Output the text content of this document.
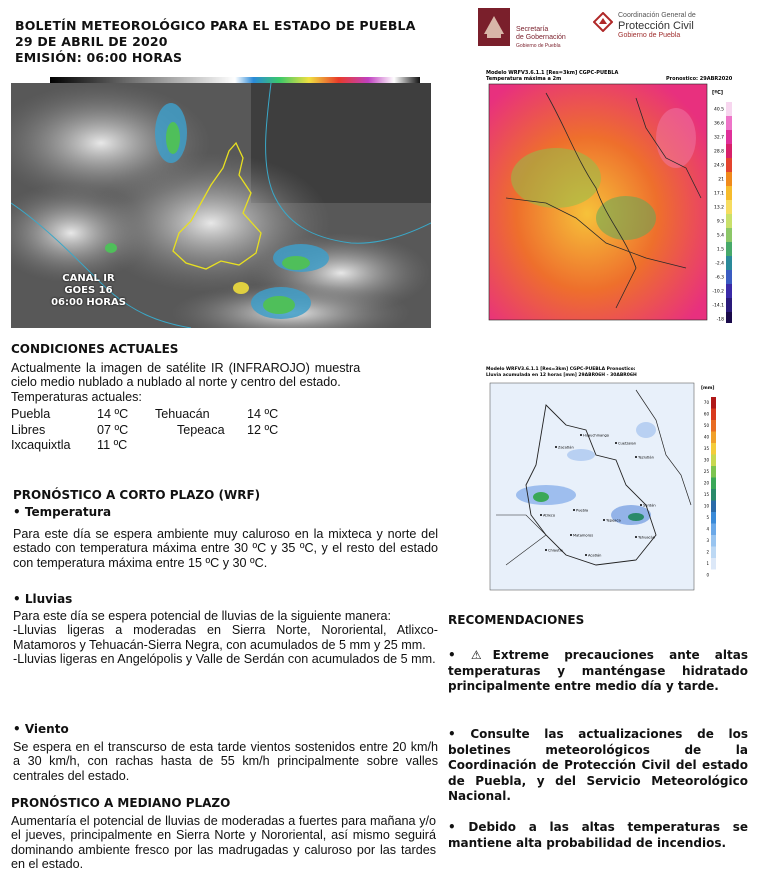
BOLETÍN METEOROLÓGICO PARA EL ESTADO DE PUEBLA
29 DE ABRIL DE 2020
EMISIÓN: 06:00 HORAS
Secretaría
de Gobernación
Gobierno de Puebla
Coordinación General de
Protección Civil
Gobierno de Puebla
CANAL IR
GOES 16
06:00 HORAS
Modelo WRFV3.6.1.1 [Res=3km] CGPC-PUEBLA
Temperatura máxima a 2m	Pronostico: 29ABR2020
[ºC]
40.5
36.6
32.7
28.8
24.9
21
17.1
13.2
9.3
5.4
1.5
-2.4
-6.3
-10.2
-14.1
-18
Modelo WRFV3.6.1.1 [Res=3km] CGPC-PUEBLA Pronostico:
Lluvia acumulada en 12 horas [mm] 29ABR06H - 30ABR06H
Huauchinango
Zacatlán
Cuetzalan
Teziutlán
Atlixco
Puebla
Tepeaca
Serdán
Tehuacán
Matamoros
Chiautla
Acatlán
[mm]
70
60
50
40
35
30
25
20
15
10
5
4
3
2
1
0
CONDICIONES ACTUALES
Actualmente la imagen de satélite IR (INFRAROJO) muestra
cielo medio nublado a nublado al norte y centro del estado.
Temperaturas actuales:
Puebla	14 ºC	Tehuacán	14 ºC
Libres	07 ºC	Tepeaca	12 ºC
Ixcaquixtla	11 ºC
PRONÓSTICO A CORTO PLAZO (WRF)
• Temperatura
Para este día se espera ambiente muy caluroso en la mixteca y norte del estado con temperatura máxima entre 30 ºC y 35 ºC, y el resto del estado con temperatura máxima entre 15 ºC y 30 ºC.
• Lluvias
Para este día se espera potencial de lluvias de la siguiente manera:
-Lluvias ligeras a moderadas en Sierra Norte, Nororiental, Atlixco-Matamoros y Tehuacán-Sierra Negra, con acumulados de 5 mm y 25 mm.
-Lluvias ligeras en Angelópolis y Valle de Serdán con acumulados de 5 mm.
• Viento
Se espera en el transcurso de esta tarde vientos sostenidos entre 20 km/h a 30 km/h, con rachas hasta de 55 km/h principalmente sobre valles centrales del estado.
PRONÓSTICO A MEDIANO PLAZO
Aumentaría el potencial de lluvias de moderadas a fuertes para mañana y/o el jueves, principalmente en Sierra Norte y Nororiental, así mismo seguirá dominando ambiente fresco por las madrugadas y caluroso por las tardes en el estado.
RECOMENDACIONES
• ⚠Extreme precauciones ante altas temperaturas y manténgase hidratado principalmente entre medio día y tarde.
• Consulte las actualizaciones de los boletines meteorológicos de la Coordinación de Protección Civil del estado de Puebla, y del Servicio Meteorológico Nacional.
• Debido a las altas temperaturas se mantiene alta probabilidad de incendios.
